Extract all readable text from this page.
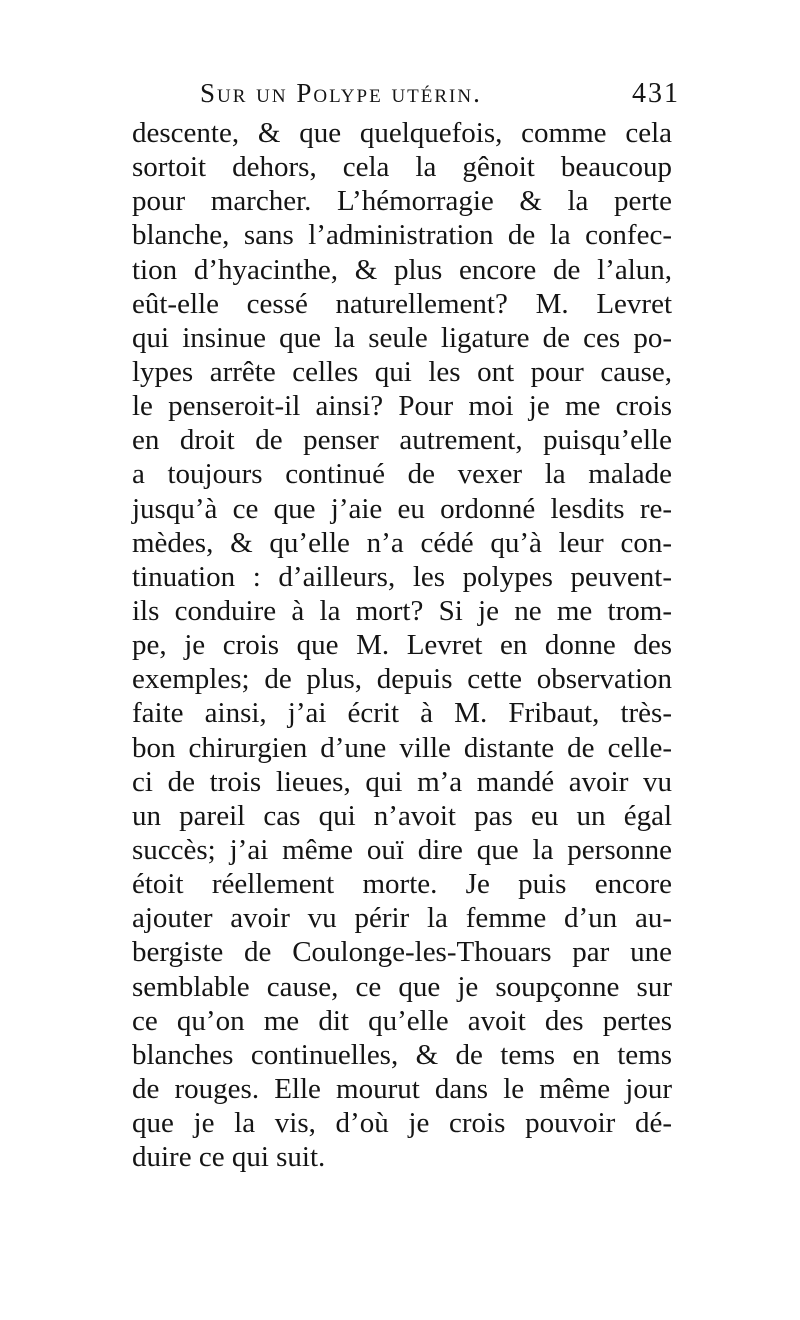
Sur un Polype utérin.	431
descente, & que quelquefois, comme cela
sortoit dehors, cela la gênoit beaucoup
pour marcher. L’hémorragie & la perte
blanche, sans l’administration de la confec-
tion d’hyacinthe, & plus encore de l’alun,
eût-elle cessé naturellement? M. Levret
qui insinue que la seule ligature de ces po-
lypes arrête celles qui les ont pour cause,
le penseroit-il ainsi? Pour moi je me crois
en droit de penser autrement, puisqu’elle
a toujours continué de vexer la malade
jusqu’à ce que j’aie eu ordonné lesdits re-
mèdes, & qu’elle n’a cédé qu’à leur con-
tinuation : d’ailleurs, les polypes peuvent-
ils conduire à la mort? Si je ne me trom-
pe, je crois que M. Levret en donne des
exemples; de plus, depuis cette observation
faite ainsi, j’ai écrit à M. Fribaut, très-
bon chirurgien d’une ville distante de celle-
ci de trois lieues, qui m’a mandé avoir vu
un pareil cas qui n’avoit pas eu un égal
succès; j’ai même ouï dire que la personne
étoit réellement morte. Je puis encore
ajouter avoir vu périr la femme d’un au-
bergiste de Coulonge-les-Thouars par une
semblable cause, ce que je soupçonne sur
ce qu’on me dit qu’elle avoit des pertes
blanches continuelles, & de tems en tems
de rouges. Elle mourut dans le même jour
que je la vis, d’où je crois pouvoir dé-
duire ce qui suit.
